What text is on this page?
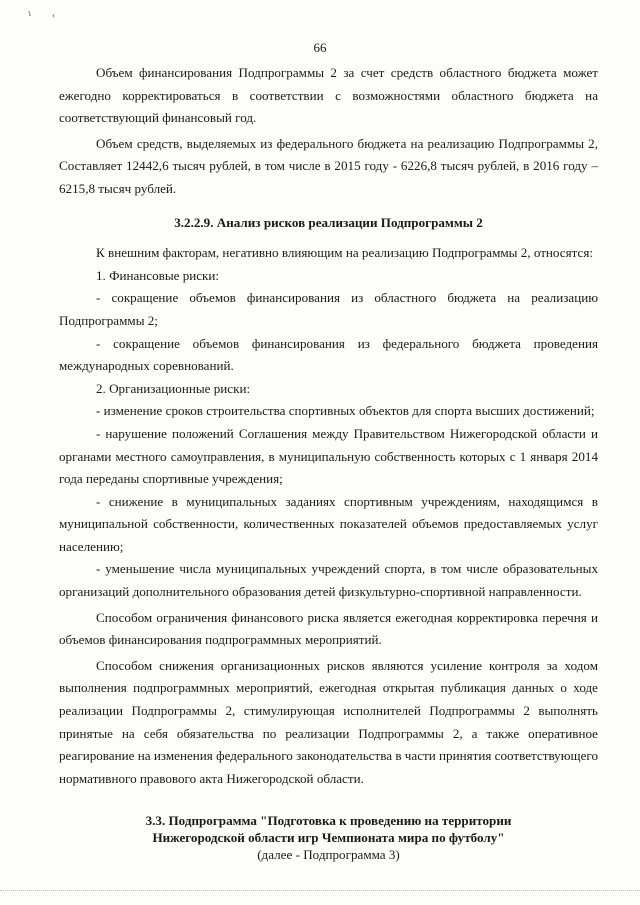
ɿ ‹
66

Объем финансирования Подпрограммы 2 за счет средств областного бюджета может ежегодно корректироваться в соответствии с возможностями областного бюджета на соответствующий финансовый год.

Объем средств, выделяемых из федерального бюджета на реализацию Подпрограммы 2, Составляет 12442,6 тысяч рублей, в том числе в 2015 году - 6226,8 тысяч рублей, в 2016 году – 6215,8 тысяч рублей.

3.2.2.9. Анализ рисков реализации Подпрограммы 2

К внешним факторам, негативно влияющим на реализацию Подпрограммы 2, относятся:

1. Финансовые риски:

- сокращение объемов финансирования из областного бюджета на реализацию Подпрограммы 2;

- сокращение объемов финансирования из федерального бюджета проведения международных соревнований.

2. Организационные риски:

- изменение сроков строительства спортивных объектов для спорта высших достижений;

- нарушение положений Соглашения между Правительством Нижегородской области и органами местного самоуправления, в муниципальную собственность которых с 1 января 2014 года переданы спортивные учреждения;

- снижение в муниципальных заданиях спортивным учреждениям, находящимся в муниципальной собственности, количественных показателей объемов предоставляемых услуг населению;

- уменьшение числа муниципальных учреждений спорта, в том числе образовательных организаций дополнительного образования детей физкультурно-спортивной направленности.

Способом ограничения финансового риска является ежегодная корректировка перечня и объемов финансирования подпрограммных мероприятий.

Способом снижения организационных рисков являются усиление контроля за ходом выполнения подпрограммных мероприятий, ежегодная открытая публикация данных о ходе реализации Подпрограммы 2, стимулирующая исполнителей Подпрограммы 2 выполнять принятые на себя обязательства по реализации Подпрограммы 2, а также оперативное реагирование на изменения федерального законодательства в части принятия соответствующего нормативного правового акта Нижегородской области.

3.3. Подпрограмма "Подготовка к проведению на территории
Нижегородской области игр Чемпионата мира по футболу"
(далее - Подпрограмма 3)
